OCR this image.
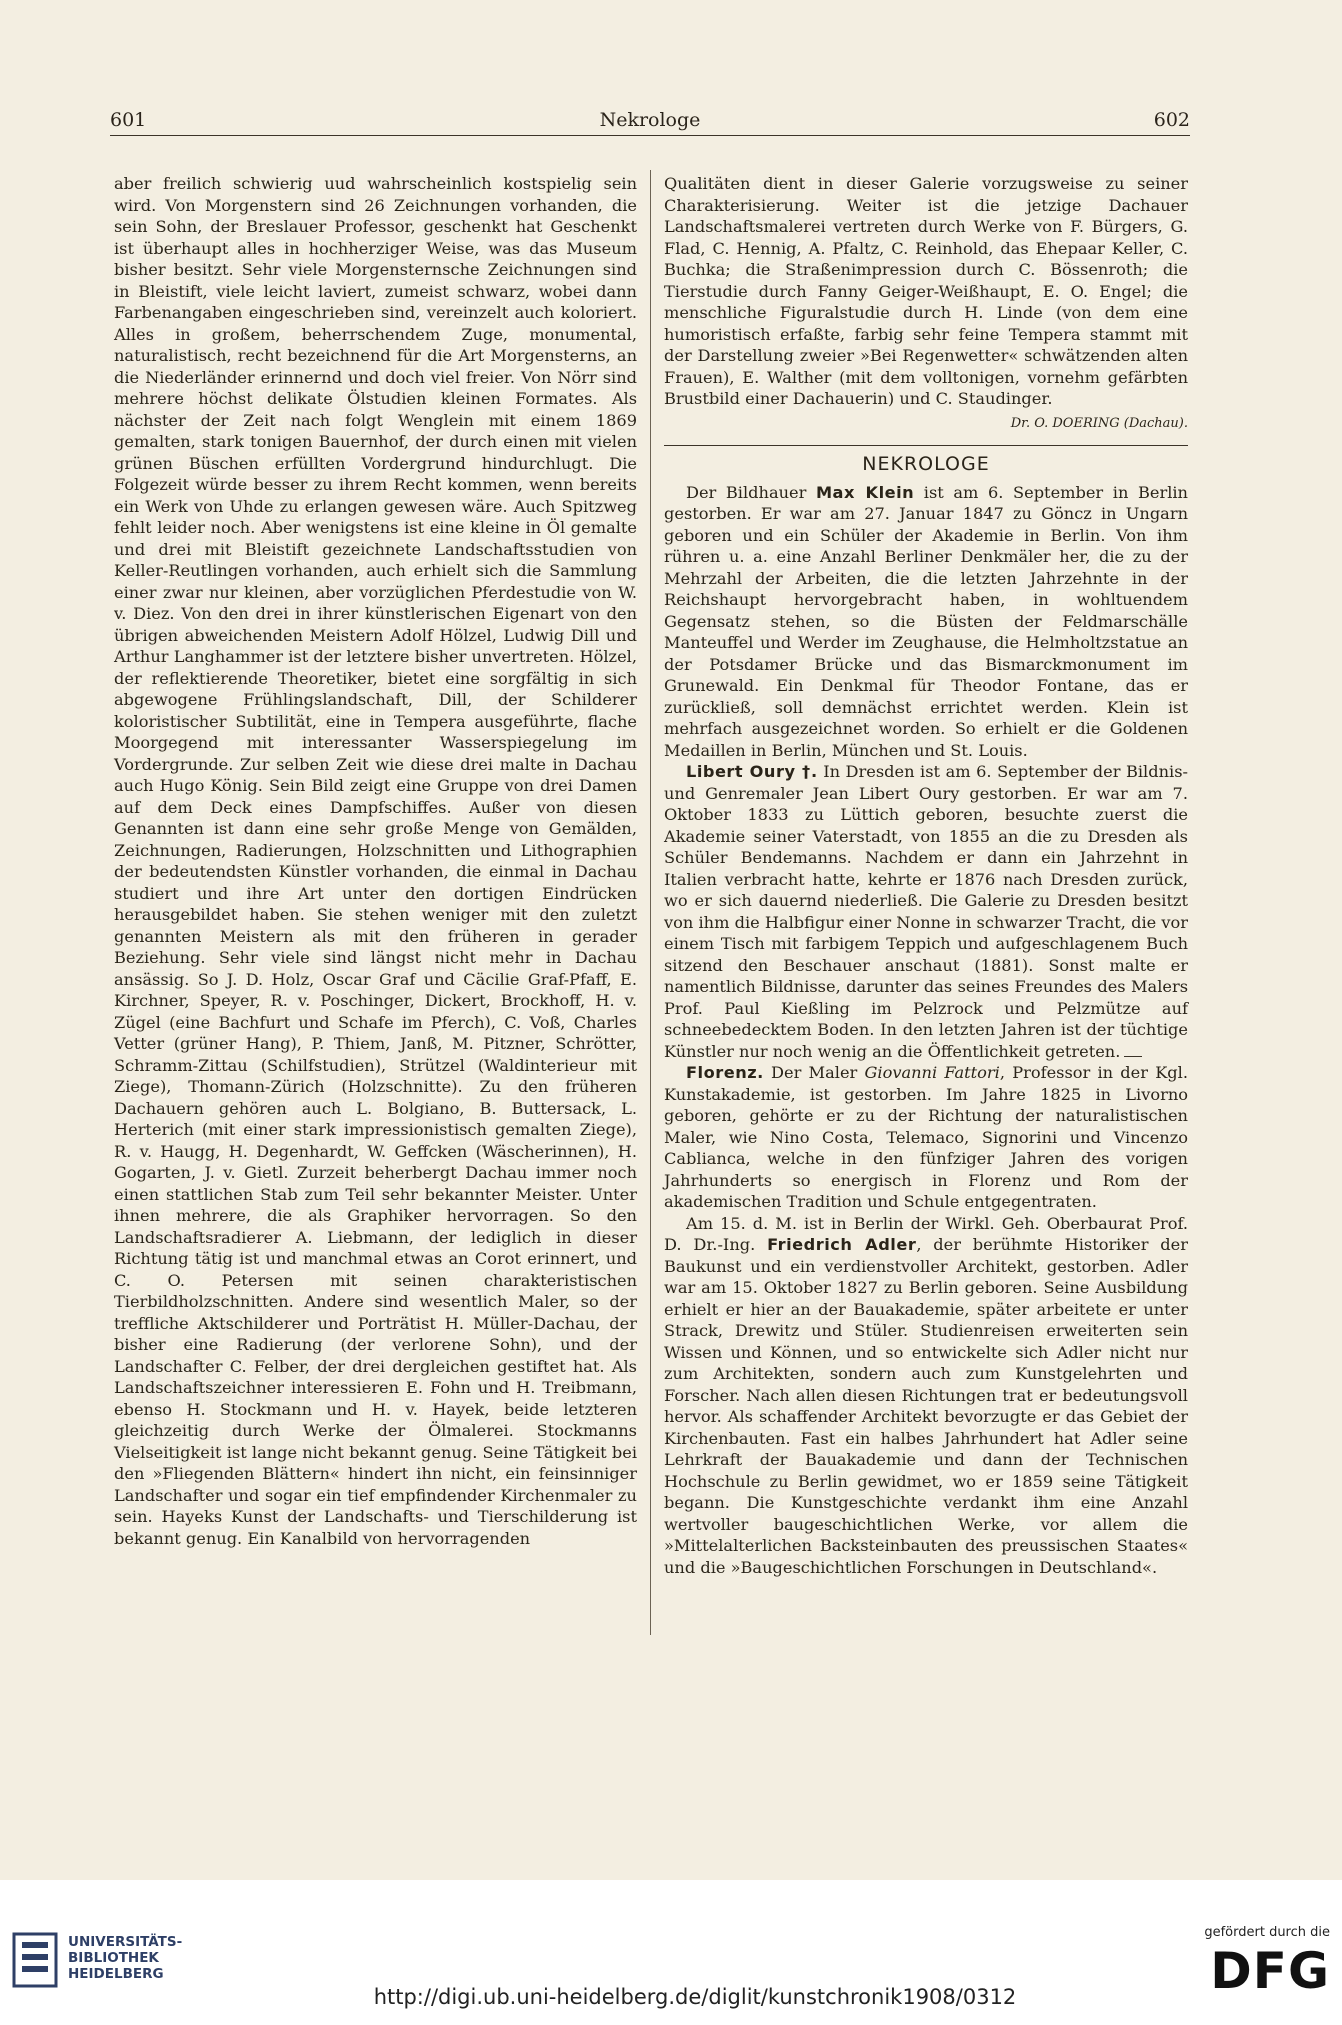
601	Nekrologe	602

aber freilich schwierig uud wahrscheinlich kostspielig sein wird. Von Morgenstern sind 26 Zeichnungen vorhanden, die sein Sohn, der Breslauer Professor, geschenkt hat Geschenkt ist überhaupt alles in hochherziger Weise, was das Museum bisher besitzt. Sehr viele Morgensternsche Zeichnungen sind in Bleistift, viele leicht laviert, zumeist schwarz, wobei dann Farbenangaben eingeschrieben sind, vereinzelt auch koloriert. Alles in großem, beherrschendem Zuge, monumental, naturalistisch, recht bezeichnend für die Art Morgensterns, an die Niederländer erinnernd und doch viel freier. Von Nörr sind mehrere höchst delikate Ölstudien kleinen Formates. Als nächster der Zeit nach folgt Wenglein mit einem 1869 gemalten, stark tonigen Bauernhof, der durch einen mit vielen grünen Büschen erfüllten Vordergrund hindurchlugt. Die Folgezeit würde besser zu ihrem Recht kommen, wenn bereits ein Werk von Uhde zu erlangen gewesen wäre. Auch Spitzweg fehlt leider noch. Aber wenigstens ist eine kleine in Öl gemalte und drei mit Bleistift gezeichnete Landschaftsstudien von Keller-Reutlingen vorhanden, auch erhielt sich die Sammlung einer zwar nur kleinen, aber vorzüglichen Pferdestudie von W. v. Diez. Von den drei in ihrer künstlerischen Eigenart von den übrigen abweichenden Meistern Adolf Hölzel, Ludwig Dill und Arthur Langhammer ist der letztere bisher unvertreten. Hölzel, der reflektierende Theoretiker, bietet eine sorgfältig in sich abgewogene Frühlingslandschaft, Dill, der Schilderer koloristischer Subtilität, eine in Tempera ausgeführte, flache Moorgegend mit interessanter Wasserspiegelung im Vordergrunde. Zur selben Zeit wie diese drei malte in Dachau auch Hugo König. Sein Bild zeigt eine Gruppe von drei Damen auf dem Deck eines Dampfschiffes. Außer von diesen Genannten ist dann eine sehr große Menge von Gemälden, Zeichnungen, Radierungen, Holzschnitten und Lithographien der bedeutendsten Künstler vorhanden, die einmal in Dachau studiert und ihre Art unter den dortigen Eindrücken herausgebildet haben. Sie stehen weniger mit den zuletzt genannten Meistern als mit den früheren in gerader Beziehung. Sehr viele sind längst nicht mehr in Dachau ansässig. So J. D. Holz, Oscar Graf und Cäcilie Graf-Pfaff, E. Kirchner, Speyer, R. v. Poschinger, Dickert, Brockhoff, H. v. Zügel (eine Bachfurt und Schafe im Pferch), C. Voß, Charles Vetter (grüner Hang), P. Thiem, Janß, M. Pitzner, Schrötter, Schramm-Zittau (Schilfstudien), Strützel (Waldinterieur mit Ziege), Thomann-Zürich (Holzschnitte). Zu den früheren Dachauern gehören auch L. Bolgiano, B. Buttersack, L. Herterich (mit einer stark impressionistisch gemalten Ziege), R. v. Haugg, H. Degenhardt, W. Geffcken (Wäscherinnen), H. Gogarten, J. v. Gietl. Zurzeit beherbergt Dachau immer noch einen stattlichen Stab zum Teil sehr bekannter Meister. Unter ihnen mehrere, die als Graphiker hervorragen. So den Landschaftsradierer A. Liebmann, der lediglich in dieser Richtung tätig ist und manchmal etwas an Corot erinnert, und C. O. Petersen mit seinen charakteristischen Tierbildholzschnitten. Andere sind wesentlich Maler, so der treffliche Aktschilderer und Porträtist H. Müller-Dachau, der bisher eine Radierung (der verlorene Sohn), und der Landschafter C. Felber, der drei dergleichen gestiftet hat. Als Landschaftszeichner interessieren E. Fohn und H. Treibmann, ebenso H. Stockmann und H. v. Hayek, beide letzteren gleichzeitig durch Werke der Ölmalerei. Stockmanns Vielseitigkeit ist lange nicht bekannt genug. Seine Tätigkeit bei den »Fliegenden Blättern« hindert ihn nicht, ein feinsinniger Landschafter und sogar ein tief empfindender Kirchenmaler zu sein. Hayeks Kunst der Landschafts- und Tierschilderung ist bekannt genug. Ein Kanalbild von hervorragenden

Qualitäten dient in dieser Galerie vorzugsweise zu seiner Charakterisierung. Weiter ist die jetzige Dachauer Landschaftsmalerei vertreten durch Werke von F. Bürgers, G. Flad, C. Hennig, A. Pfaltz, C. Reinhold, das Ehepaar Keller, C. Buchka; die Straßenimpression durch C. Bössenroth; die Tierstudie durch Fanny Geiger-Weißhaupt, E. O. Engel; die menschliche Figuralstudie durch H. Linde (von dem eine humoristisch erfaßte, farbig sehr feine Tempera stammt mit der Darstellung zweier »Bei Regenwetter« schwätzenden alten Frauen), E. Walther (mit dem volltonigen, vornehm gefärbten Brustbild einer Dachauerin) und C. Staudinger.

Dr. O. DOERING (Dachau).
NEKROLOGE

Der Bildhauer Max Klein ist am 6. September in Berlin gestorben. Er war am 27. Januar 1847 zu Göncz in Ungarn geboren und ein Schüler der Akademie in Berlin. Von ihm rühren u. a. eine Anzahl Berliner Denkmäler her, die zu der Mehrzahl der Arbeiten, die die letzten Jahrzehnte in der Reichshaupt hervorgebracht haben, in wohltuendem Gegensatz stehen, so die Büsten der Feldmarschälle Manteuffel und Werder im Zeughause, die Helmholtzstatue an der Potsdamer Brücke und das Bismarckmonument im Grunewald. Ein Denkmal für Theodor Fontane, das er zurückließ, soll demnächst errichtet werden. Klein ist mehrfach ausgezeichnet worden. So erhielt er die Goldenen Medaillen in Berlin, München und St. Louis.

Libert Oury †. In Dresden ist am 6. September der Bildnis- und Genremaler Jean Libert Oury gestorben. Er war am 7. Oktober 1833 zu Lüttich geboren, besuchte zuerst die Akademie seiner Vaterstadt, von 1855 an die zu Dresden als Schüler Bendemanns. Nachdem er dann ein Jahrzehnt in Italien verbracht hatte, kehrte er 1876 nach Dresden zurück, wo er sich dauernd niederließ. Die Galerie zu Dresden besitzt von ihm die Halbfigur einer Nonne in schwarzer Tracht, die vor einem Tisch mit farbigem Teppich und aufgeschlagenem Buch sitzend den Beschauer anschaut (1881). Sonst malte er namentlich Bildnisse, darunter das seines Freundes des Malers Prof. Paul Kießling im Pelzrock und Pelzmütze auf schneebedecktem Boden. In den letzten Jahren ist der tüchtige Künstler nur noch wenig an die Öffentlichkeit getreten.

Florenz. Der Maler Giovanni Fattori, Professor in der Kgl. Kunstakademie, ist gestorben. Im Jahre 1825 in Livorno geboren, gehörte er zu der Richtung der naturalistischen Maler, wie Nino Costa, Telemaco, Signorini und Vincenzo Cablianca, welche in den fünfziger Jahren des vorigen Jahrhunderts so energisch in Florenz und Rom der akademischen Tradition und Schule entgegentraten.

Am 15. d. M. ist in Berlin der Wirkl. Geh. Oberbaurat Prof. D. Dr.-Ing. Friedrich Adler, der berühmte Historiker der Baukunst und ein verdienstvoller Architekt, gestorben. Adler war am 15. Oktober 1827 zu Berlin geboren. Seine Ausbildung erhielt er hier an der Bauakademie, später arbeitete er unter Strack, Drewitz und Stüler. Studienreisen erweiterten sein Wissen und Können, und so entwickelte sich Adler nicht nur zum Architekten, sondern auch zum Kunstgelehrten und Forscher. Nach allen diesen Richtungen trat er bedeutungsvoll hervor. Als schaffender Architekt bevorzugte er das Gebiet der Kirchenbauten. Fast ein halbes Jahrhundert hat Adler seine Lehrkraft der Bauakademie und dann der Technischen Hochschule zu Berlin gewidmet, wo er 1859 seine Tätigkeit begann. Die Kunstgeschichte verdankt ihm eine Anzahl wertvoller baugeschichtlichen Werke, vor allem die »Mittelalterlichen Backsteinbauten des preussischen Staates« und die »Baugeschichtlichen Forschungen in Deutschland«.

UNIVERSITÄTS-
BIBLIOTHEK
HEIDELBERG
http://digi.ub.uni-heidelberg.de/diglit/kunstchronik1908/0312
gefördert durch die
DFG
